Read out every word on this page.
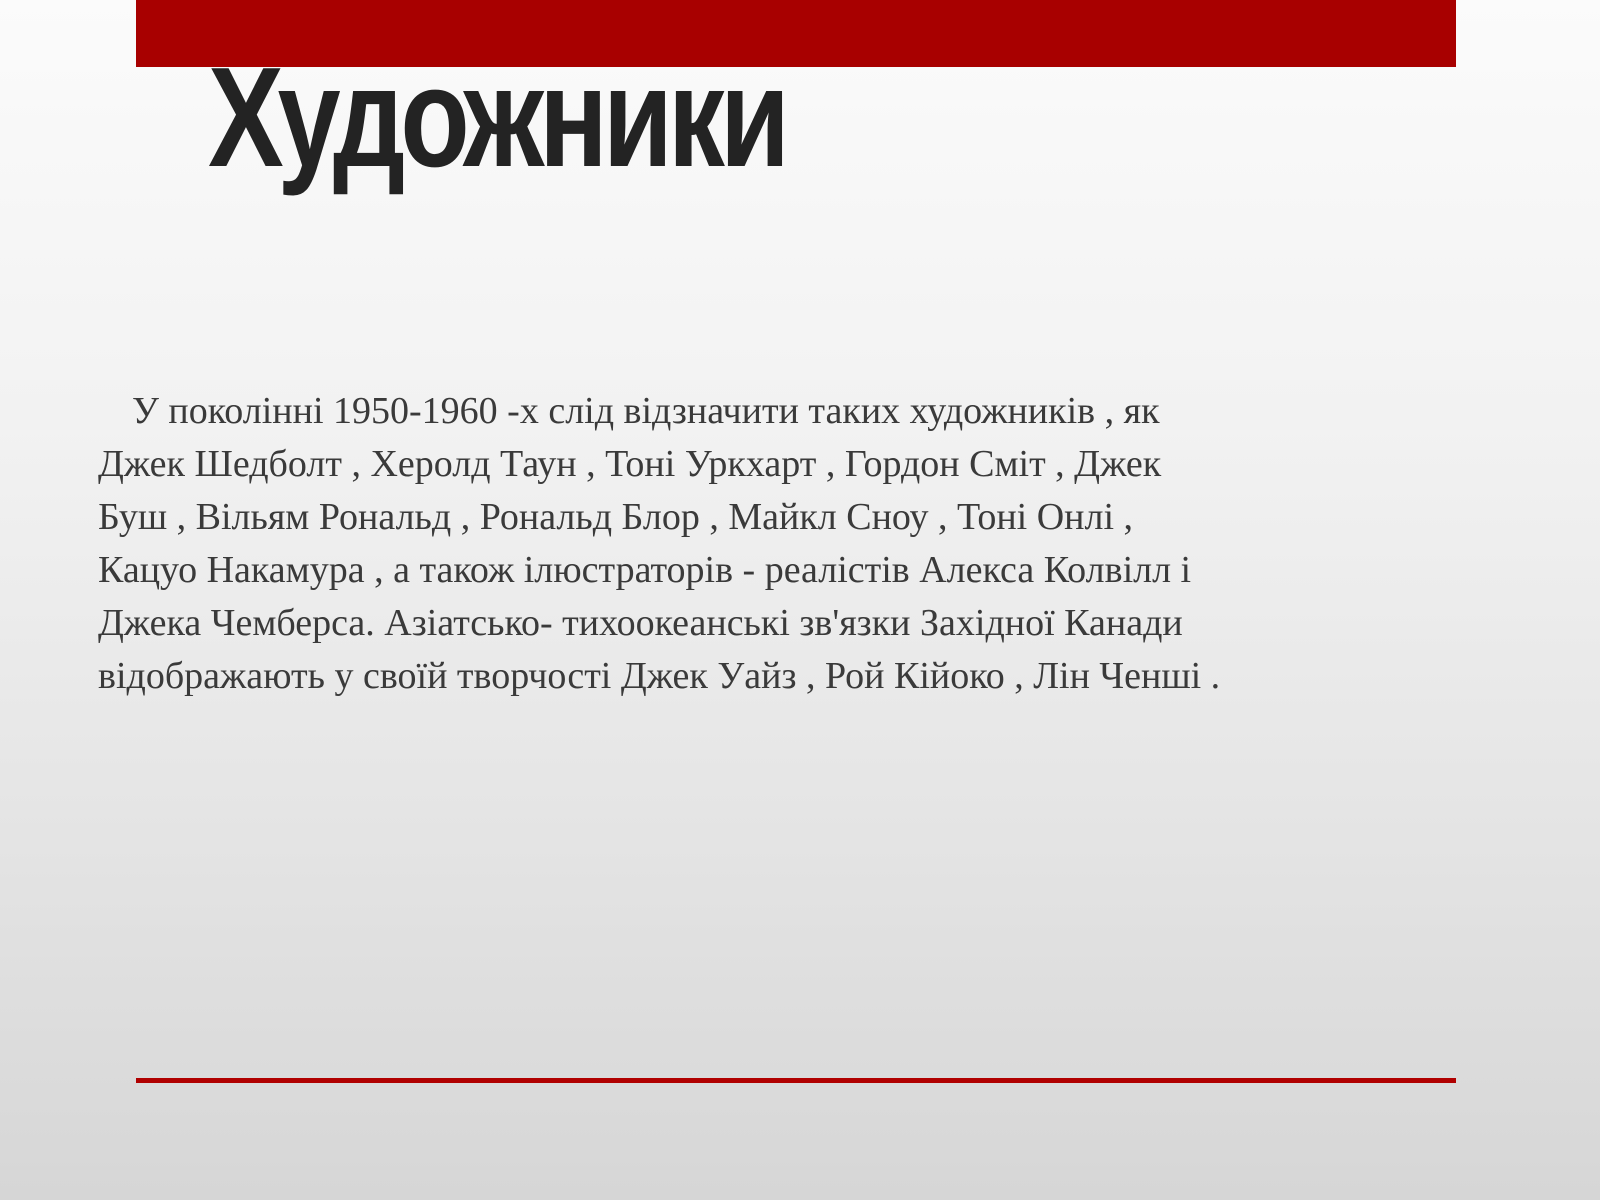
Художники

У поколінні 1950-1960 -х слід відзначити таких художників , як
Джек Шедболт , Херолд Таун , Тоні Уркхарт , Гордон Сміт , Джек
Буш , Вільям Рональд , Рональд Блор , Майкл Сноу , Тоні Онлі ,
Кацуо Накамура , а також ілюстраторів - реалістів Алекса Колвілл і
Джека Чемберса. Азіатсько- тихоокеанські зв'язки Західної Канади
відображають у своїй творчості Джек Уайз , Рой Кійоко , Лін Ченші .
